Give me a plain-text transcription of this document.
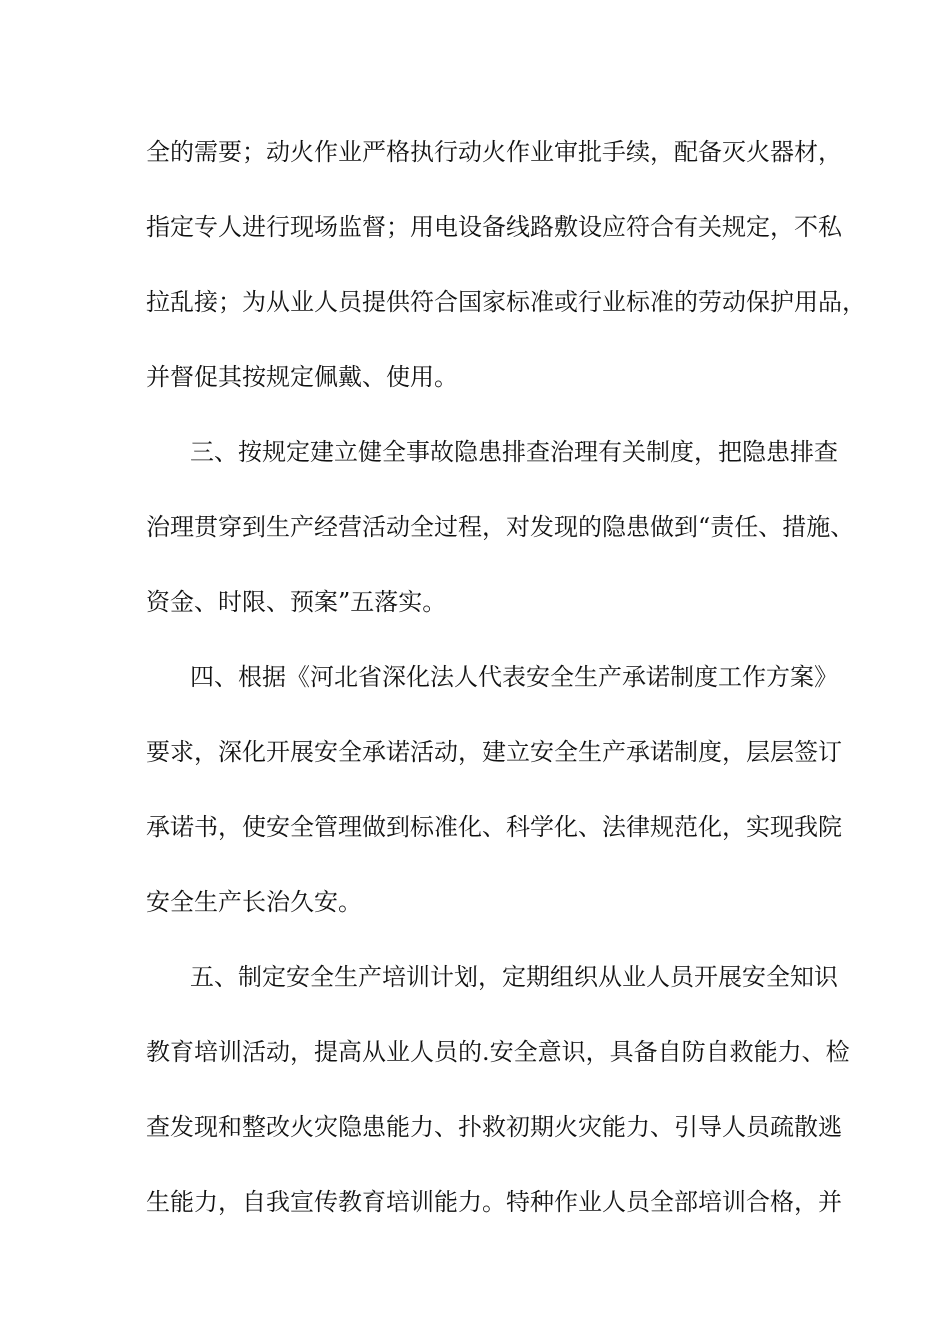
全的需要；动火作业严格执行动火作业审批手续，配备灭火器材，

指定专人进行现场监督；用电设备线路敷设应符合有关规定，不私

拉乱接；为从业人员提供符合国家标准或行业标准的劳动保护用品，

并督促其按规定佩戴、使用。

三、按规定建立健全事故隐患排查治理有关制度，把隐患排查

治理贯穿到生产经营活动全过程，对发现的隐患做到“责任、措施、

资金、时限、预案”五落实。

四、根据《河北省深化法人代表安全生产承诺制度工作方案》

要求，深化开展安全承诺活动，建立安全生产承诺制度，层层签订

承诺书，使安全管理做到标准化、科学化、法律规范化，实现我院

安全生产长治久安。

五、制定安全生产培训计划，定期组织从业人员开展安全知识

教育培训活动，提高从业人员的.安全意识，具备自防自救能力、检

查发现和整改火灾隐患能力、扑救初期火灾能力、引导人员疏散逃

生能力，自我宣传教育培训能力。特种作业人员全部培训合格，并
